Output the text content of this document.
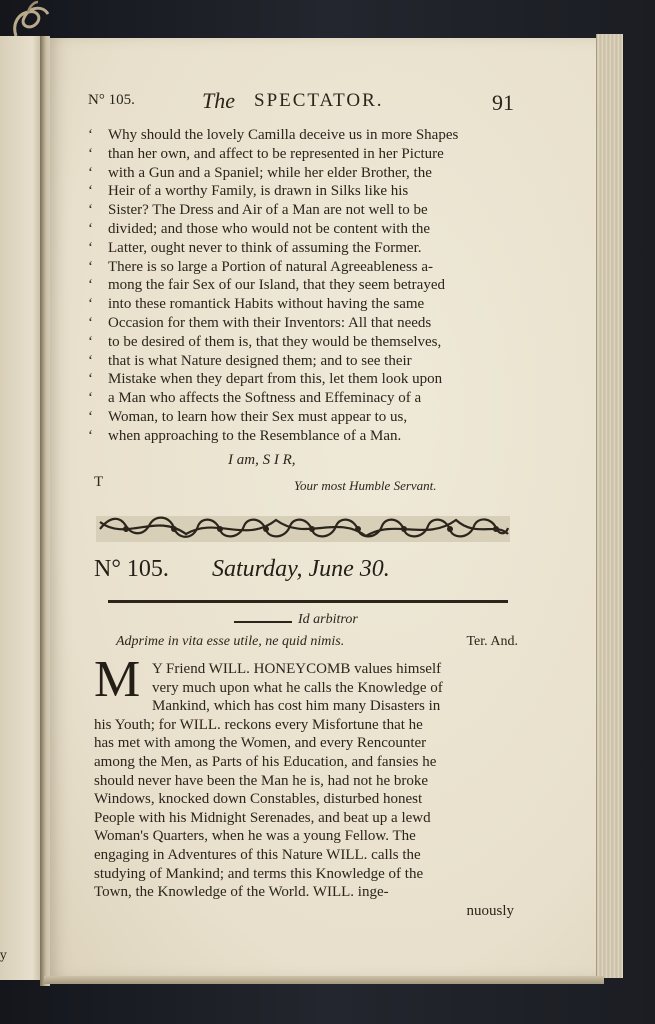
y
N° 105.	The SPECTATOR.	91
‘ Why should the lovely Camilla deceive us in more Shapes
‘ than her own, and affect to be represented in her Picture
‘ with a Gun and a Spaniel; while her elder Brother, the
‘ Heir of a worthy Family, is drawn in Silks like his
‘ Sister? The Dress and Air of a Man are not well to be
‘ divided; and those who would not be content with the
‘ Latter, ought never to think of assuming the Former.
‘ There is so large a Portion of natural Agreeableness a-
‘ mong the fair Sex of our Island, that they seem betrayed
‘ into these romantick Habits without having the same
‘ Occasion for them with their Inventors: All that needs
‘ to be desired of them is, that they would be themselves,
‘ that is what Nature designed them; and to see their
‘ Mistake when they depart from this, let them look upon
‘ a Man who affects the Softness and Effeminacy of a
‘ Woman, to learn how their Sex must appear to us,
‘ when approaching to the Resemblance of a Man.
I am, S I R,
T	Your most Humble Servant.
N° 105. Saturday, June 30.
Id arbitror
Adprime in vita esse utile, ne quid nimis.	Ter. And.
M Y Friend WILL. HONEYCOMB values himself
very much upon what he calls the Knowledge of
Mankind, which has cost him many Disasters in
his Youth; for WILL. reckons every Misfortune that he
has met with among the Women, and every Rencounter
among the Men, as Parts of his Education, and fansies he
should never have been the Man he is, had not he broke
Windows, knocked down Constables, disturbed honest
People with his Midnight Serenades, and beat up a lewd
Woman's Quarters, when he was a young Fellow. The
engaging in Adventures of this Nature WILL. calls the
studying of Mankind; and terms this Knowledge of the
Town, the Knowledge of the World. WILL. inge-
nuously
